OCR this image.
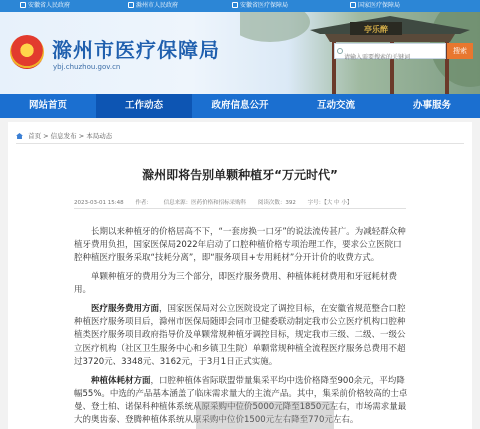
安徽省人民政府	滁州市人民政府	安徽省医疗保障局	国家医疗保障局
滁州市医疗保障局
ybj.chuzhou.gov.cn
亭乐醉
请输入需要搜索的关键词
搜索
网站首页	工作动态	政府信息公开	互动交流	办事服务
首页 > 信息发布 > 本局动态
滁州即将告别单颗种植牙“万元时代”
2023-03-01 15:48 作者： 信息来源：医药价格和招标采购科 阅读次数：392 字号：【大 中 小】

长期以来种植牙的价格居高不下，“一套房换一口牙”的说法流传甚广。为减轻群众种植牙费用负担，国家医保局2022年启动了口腔种植价格专项治理工作，要求公立医院口腔种植医疗服务采取“技耗分离”，即“服务项目+专用耗材”分开计价的收费方式。

单颗种植牙的费用分为三个部分，即医疗服务费用、种植体耗材费用和牙冠耗材费用。

医疗服务费用方面，国家医保局对公立医院设定了调控目标，在安徽省规范整合口腔种植医疗服务项目后，滁州市医保局随即会同市卫健委联动制定我市公立医疗机构口腔种植类医疗服务项目政府指导价及单颗常规种植牙调控目标，规定我市三级、二级、一级公立医疗机构（社区卫生服务中心和乡镇卫生院）单颗常规种植全流程医疗服务总费用不超过3720元、3348元、3162元，于3月1日正式实施。

种植体耗材方面，口腔种植体省际联盟带量集采平均中选价格降至900余元，平均降幅55%。中选的产品基本涵盖了临床需求量大的主流产品。其中，集采前价格较高的士卓曼、登士柏、诺保科种植体系统从原采购中位价5000元降至1850元左右，市场需求量最大的奥齿泰、登腾种植体系统从原采购中位价1500元左右降至770元左右。
